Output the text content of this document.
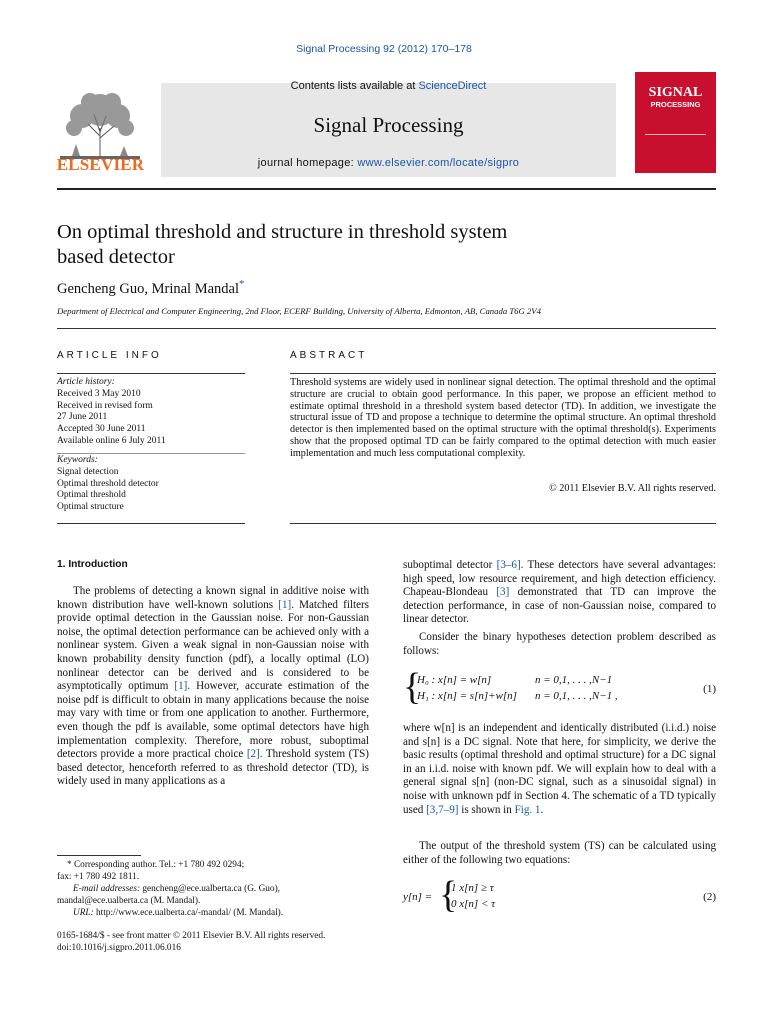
Signal Processing 92 (2012) 170–178
Contents lists available at ScienceDirect
Signal Processing
journal homepage: www.elsevier.com/locate/sigpro
ELSEVIER
SIGNAL
PROCESSING
On optimal threshold and structure in threshold system
based detector
Gencheng Guo, Mrinal Mandal*
Department of Electrical and Computer Engineering, 2nd Floor, ECERF Building, University of Alberta, Edmonton, AB, Canada T6G 2V4
ARTICLE INFO	ABSTRACT
Article history:
Received 3 May 2010
Received in revised form
27 June 2011
Accepted 30 June 2011
Available online 6 July 2011
Keywords:
Signal detection
Optimal threshold detector
Optimal threshold
Optimal structure
Threshold systems are widely used in nonlinear signal detection. The optimal threshold and the optimal structure are crucial to obtain good performance. In this paper, we propose an efficient method to estimate optimal threshold in a threshold system based detector (TD). In addition, we investigate the structural issue of TD and propose a technique to determine the optimal structure. An optimal threshold detector is then implemented based on the optimal structure with the optimal threshold(s). Experiments show that the proposed optimal TD can be fairly compared to the optimal detection with much easier implementation and much less computational complexity.
© 2011 Elsevier B.V. All rights reserved.
1. Introduction
The problems of detecting a known signal in additive noise with known distribution have well-known solutions [1]. Matched filters provide optimal detection in the Gaussian noise. For non-Gaussian noise, the optimal detection performance can be achieved only with a nonlinear system. Given a weak signal in non-Gaussian noise with known probability density function (pdf), a locally optimal (LO) nonlinear detector can be derived and is considered to be asymptotically optimum [1]. However, accurate estimation of the noise pdf is difficult to obtain in many applications because the noise may vary with time or from one application to another. Furthermore, even though the pdf is available, some optimal detectors have high implementation complexity. Therefore, more robust, suboptimal detectors provide a more practical choice [2]. Threshold system (TS) based detector, henceforth referred to as threshold detector (TD), is widely used in many applications as a
* Corresponding author. Tel.: +1 780 492 0294;
fax: +1 780 492 1811.
E-mail addresses: gencheng@ece.ualberta.ca (G. Guo),
mandal@ece.ualberta.ca (M. Mandal).
URL: http://www.ece.ualberta.ca/-mandal/ (M. Mandal).
0165-1684/$ - see front matter © 2011 Elsevier B.V. All rights reserved.
doi:10.1016/j.sigpro.2011.06.016
suboptimal detector [3–6]. These detectors have several advantages: high speed, low resource requirement, and high detection efficiency. Chapeau-Blondeau [3] demonstrated that TD can improve the detection performance, in case of non-Gaussian noise, compared to linear detector.
Consider the binary hypotheses detection problem described as follows:
{
H₀ : x[n] = w[n]	n = 0,1, . . . ,N−1
H₁ : x[n] = s[n]+w[n] n = 0,1, . . . ,N−1 ,
(1)
where w[n] is an independent and identically distributed (i.i.d.) noise and s[n] is a DC signal. Note that here, for simplicity, we derive the basic results (optimal threshold and optimal structure) for a DC signal in an i.i.d. noise with known pdf. We will explain how to deal with a general signal s[n] (non-DC signal, such as a sinusoidal signal) in noise with unknown pdf in Section 4. The schematic of a TD typically used [3,7–9] is shown in Fig. 1.
The output of the threshold system (TS) can be calculated using either of the following two equations:
y[n] = {
1 x[n] ≥ τ
0 x[n] < τ
(2)
